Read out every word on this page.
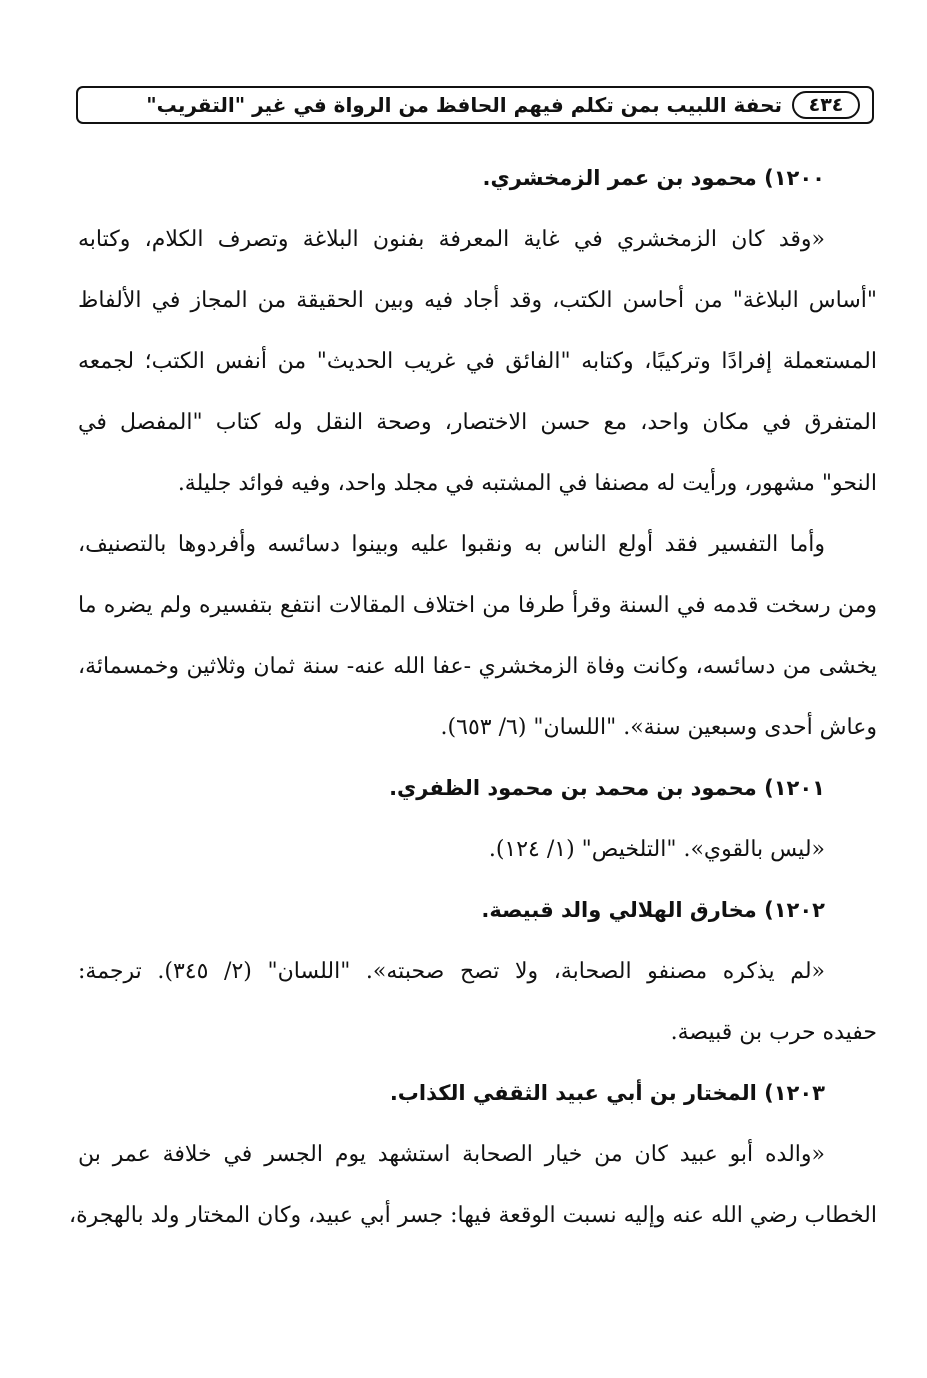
٤٣٤
تحفة اللبيب بمن تكلم فيهم الحافظ من الرواة في غير "التقريب"
١٢٠٠) محمود بن عمر الزمخشري.
«وقد كان الزمخشري في غاية المعرفة بفنون البلاغة وتصرف الكلام، وكتابه
"أساس البلاغة" من أحاسن الكتب، وقد أجاد فيه وبين الحقيقة من المجاز في الألفاظ
المستعملة إفرادًا وتركيبًا، وكتابه "الفائق في غريب الحديث" من أنفس الكتب؛ لجمعه
المتفرق في مكان واحد، مع حسن الاختصار، وصحة النقل وله كتاب "المفصل في
النحو" مشهور، ورأيت له مصنفا في المشتبه في مجلد واحد، وفيه فوائد جليلة.
وأما التفسير فقد أولع الناس به ونقبوا عليه وبينوا دسائسه وأفردوها بالتصنيف،
ومن رسخت قدمه في السنة وقرأ طرفا من اختلاف المقالات انتفع بتفسيره ولم يضره ما
يخشى من دسائسه، وكانت وفاة الزمخشري -عفا الله عنه- سنة ثمان وثلاثين وخمسمائة،
وعاش أحدى وسبعين سنة». "اللسان" (٦/ ٦٥٣).
١٢٠١) محمود بن محمد بن محمود الظفري.
«ليس بالقوي». "التلخيص" (١/ ١٢٤).
١٢٠٢) مخارق الهلالي والد قبيصة.
«لم يذكره مصنفو الصحابة، ولا تصح صحبته». "اللسان" (٢/ ٣٤٥). ترجمة:
حفيده حرب بن قبيصة.
١٢٠٣) المختار بن أبي عبيد الثقفي الكذاب.
«والده أبو عبيد كان من خيار الصحابة استشهد يوم الجسر في خلافة عمر بن
الخطاب رضي الله عنه وإليه نسبت الوقعة فيها: جسر أبي عبيد، وكان المختار ولد بالهجرة،
